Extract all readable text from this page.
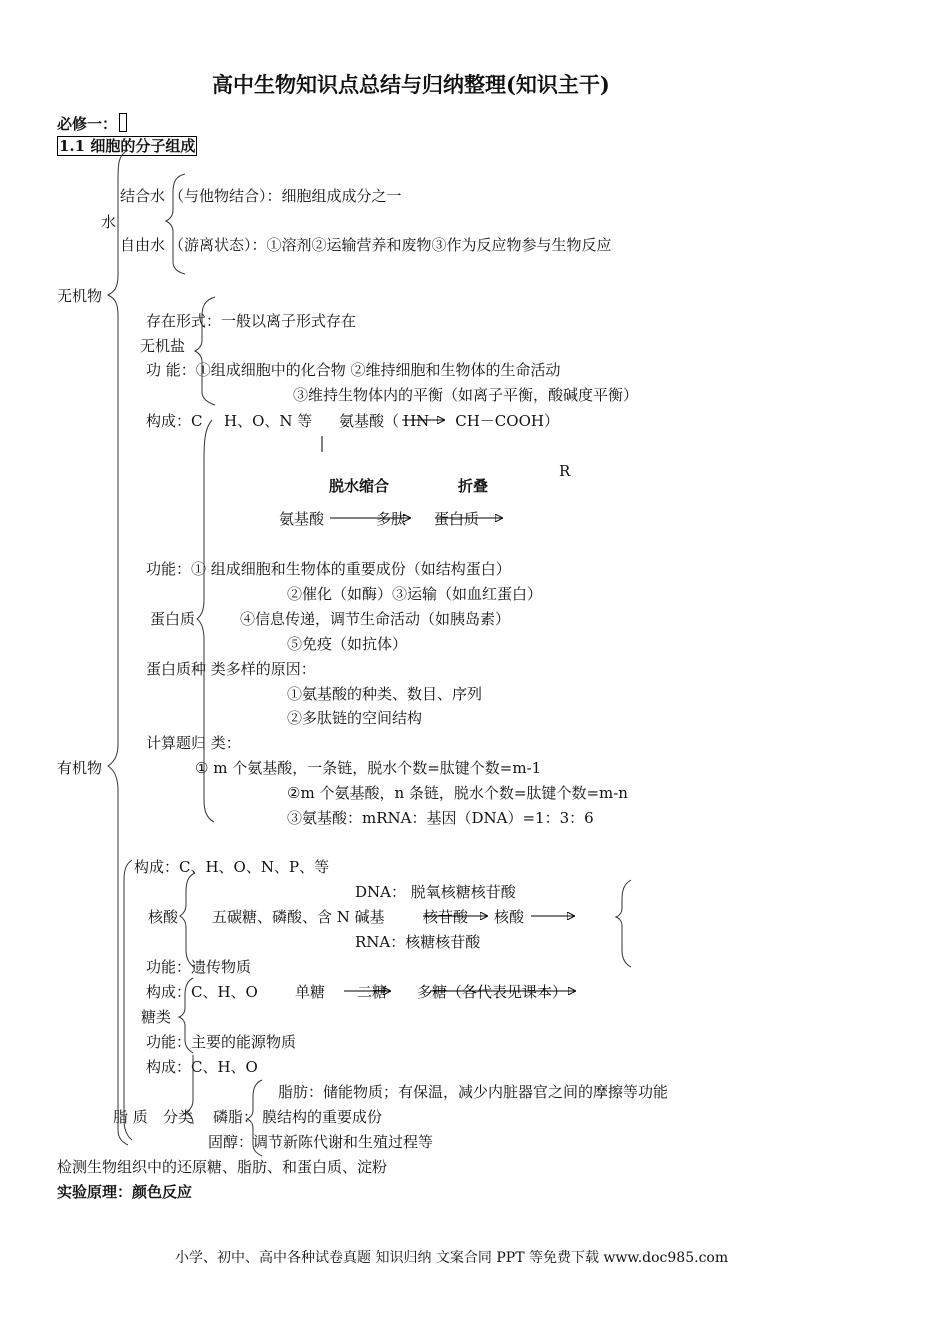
高中生物知识点总结与归纳整理(知识主干)
必修一：
1.1 细胞的分子组成
无机物
水
结合水 （与他物结合）：细胞组成成分之一
自由水 （游离状态）：①溶剂②运输营养和废物③作为反应物参与生物反应
存在形式：一般以离子形式存在
无机盐
功 能：①组成细胞中的化合物 ②维持细胞和生物体的生命活动
③维持生物体内的平衡（如离子平衡，酸碱度平衡）
构成：C H、O、N 等 氨基酸（ HN CH－COOH）
R
脱水缩合	折叠
氨基酸	多肽 蛋白质
功能：① 组成细胞和生物体的重要成份（如结构蛋白）
②催化（如酶）③运输（如血红蛋白）
蛋白质	④信息传递，调节生命活动（如胰岛素）
⑤免疫（如抗体）
蛋白质种 类多样的原因：
①氨基酸的种类、数目、序列
②多肽链的空间结构
计算题归 类：
有机物	① m 个氨基酸，一条链，脱水个数=肽键个数=m-1
②m 个氨基酸，n 条链，脱水个数=肽键个数=m-n
③氨基酸：mRNA：基因（DNA）=1：3：6
构成：C、H、O、N、P、等
DNA： 脱氧核糖核苷酸
核酸 五碳糖、磷酸、含 N 碱基	核苷酸 核酸
RNA：核糖核苷酸
功能：遗传物质
构成：C、H、O 单糖 二糖 多糖（各代表见课本）
糖类
功能：主要的能源物质
构成：C、H、O
脂肪：储能物质；有保温，减少内脏器官之间的摩擦等功能
脂 质 分类 磷脂： 膜结构的重要成份
固醇：调节新陈代谢和生殖过程等
检测生物组织中的还原糖、脂肪、和蛋白质、淀粉
实验原理：颜色反应
小学、初中、高中各种试卷真题 知识归纳 文案合同 PPT 等免费下载 www.doc985.com
